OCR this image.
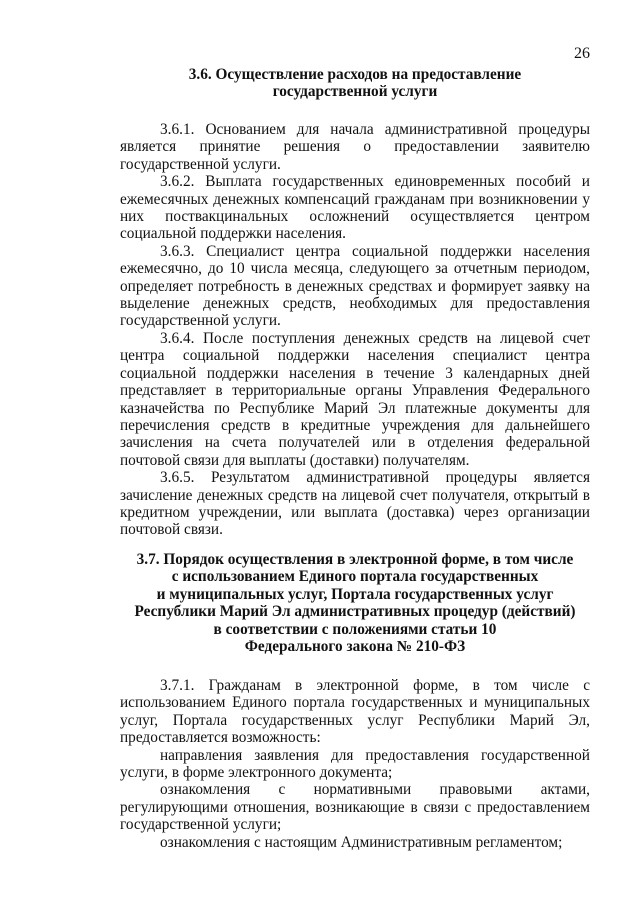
26
3.6. Осуществление расходов на предоставление
государственной услуги

3.6.1. Основанием для начала административной процедуры является принятие решения о предоставлении заявителю государственной услуги.

3.6.2. Выплата государственных единовременных пособий и ежемесячных денежных компенсаций гражданам при возникновении у них поствакцинальных осложнений осуществляется центром социальной поддержки населения.

3.6.3. Специалист центра социальной поддержки населения ежемесячно, до 10 числа месяца, следующего за отчетным периодом, определяет потребность в денежных средствах и формирует заявку на выделение денежных средств, необходимых для предоставления государственной услуги.

3.6.4. После поступления денежных средств на лицевой счет центра социальной поддержки населения специалист центра социальной поддержки населения в течение 3 календарных дней представляет в территориальные органы Управления Федерального казначейства по Республике Марий Эл платежные документы для перечисления средств в кредитные учреждения для дальнейшего зачисления на счета получателей или в отделения федеральной почтовой связи для выплаты (доставки) получателям.

3.6.5. Результатом административной процедуры является зачисление денежных средств на лицевой счет получателя, открытый в кредитном учреждении, или выплата (доставка) через организации почтовой связи.

3.7. Порядок осуществления в электронной форме, в том числе
с использованием Единого портала государственных
и муниципальных услуг, Портала государственных услуг
Республики Марий Эл административных процедур (действий)
в соответствии с положениями статьи 10
Федерального закона № 210-ФЗ

3.7.1. Гражданам в электронной форме, в том числе с использованием Единого портала государственных и муниципальных услуг, Портала государственных услуг Республики Марий Эл, предоставляется возможность:

направления заявления для предоставления государственной услуги, в форме электронного документа;

ознакомления с нормативными правовыми актами, регулирующими отношения, возникающие в связи с предоставлением государственной услуги;

ознакомления с настоящим Административным регламентом;
